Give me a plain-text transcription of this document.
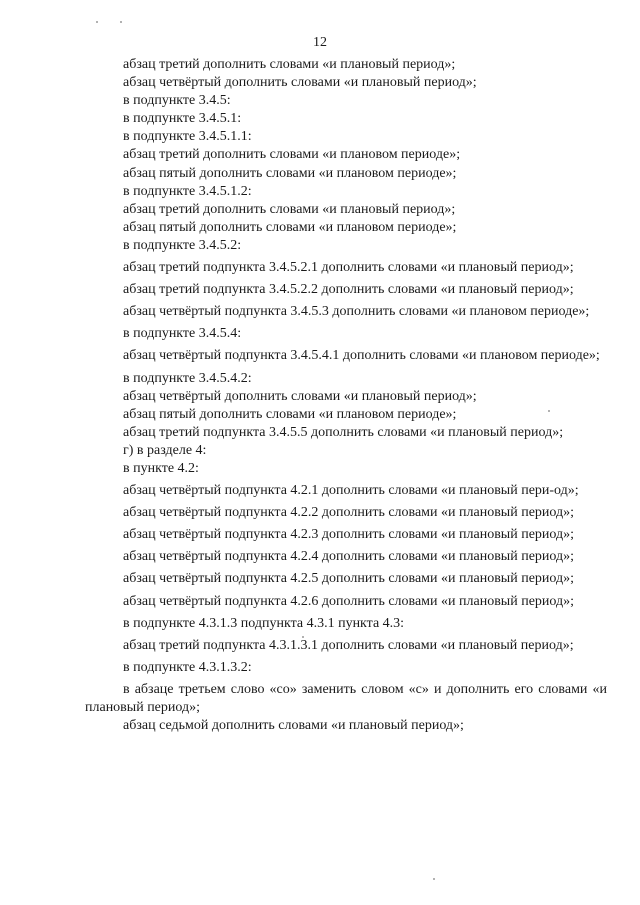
12

абзац третий дополнить словами «и плановый период»;

абзац четвёртый дополнить словами «и плановый период»;

в подпункте 3.4.5:

в подпункте 3.4.5.1:

в подпункте 3.4.5.1.1:

абзац третий дополнить словами «и плановом периоде»;

абзац пятый дополнить словами «и плановом периоде»;

в подпункте 3.4.5.1.2:

абзац третий дополнить словами «и плановый период»;

абзац пятый дополнить словами «и плановом периоде»;

в подпункте 3.4.5.2:

абзац третий подпункта 3.4.5.2.1 дополнить словами «и плановый период»;

абзац третий подпункта 3.4.5.2.2 дополнить словами «и плановый период»;

абзац четвёртый подпункта 3.4.5.3 дополнить словами «и плановом периоде»;

в подпункте 3.4.5.4:

абзац четвёртый подпункта 3.4.5.4.1 дополнить словами «и плановом периоде»;

в подпункте 3.4.5.4.2:

абзац четвёртый дополнить словами «и плановый период»;

абзац пятый дополнить словами «и плановом периоде»;

абзац третий подпункта 3.4.5.5 дополнить словами «и плановый период»;

г) в разделе 4:

в пункте 4.2:

абзац четвёртый подпункта 4.2.1 дополнить словами «и плановый пери-од»;

абзац четвёртый подпункта 4.2.2 дополнить словами «и плановый период»;

абзац четвёртый подпункта 4.2.3 дополнить словами «и плановый период»;

абзац четвёртый подпункта 4.2.4 дополнить словами «и плановый период»;

абзац четвёртый подпункта 4.2.5 дополнить словами «и плановый период»;

абзац четвёртый подпункта 4.2.6 дополнить словами «и плановый период»;

в подпункте 4.3.1.3 подпункта 4.3.1 пункта 4.3:

абзац третий подпункта 4.3.1.3.1 дополнить словами «и плановый период»;

в подпункте 4.3.1.3.2:

в абзаце третьем слово «со» заменить словом «с» и дополнить его словами «и плановый период»;

абзац седьмой дополнить словами «и плановый период»;
